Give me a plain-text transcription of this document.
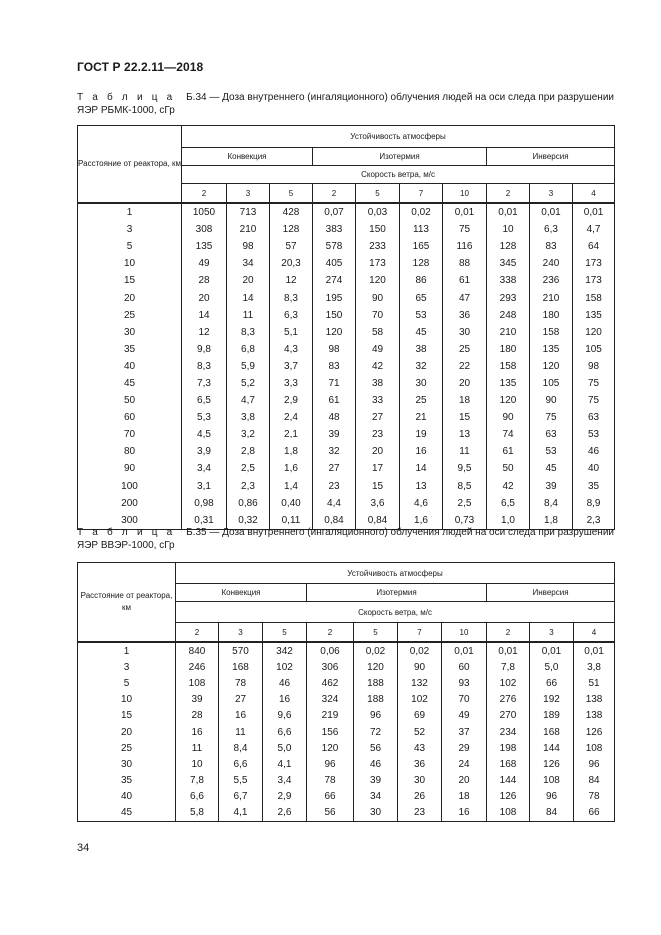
ГОСТ Р 22.2.11—2018
Т а б л и ц а Б.34 — Доза внутреннего (ингаляционного) облучения людей на оси следа при разрушении
ЯЭР РБМК-1000, сГр
Расстояние от реактора, км	Устойчивость атмосферы									
	Конвекция			Изотермия				Инверсия		
	Скорость ветра, м/с									
	2	3	5	2	5	7	10	2	3	4
1	1050	713	428	0,07	0,03	0,02	0,01	0,01	0,01	0,01
3	308	210	128	383	150	113	75	10	6,3	4,7
5	135	98	57	578	233	165	116	128	83	64
10	49	34	20,3	405	173	128	88	345	240	173
15	28	20	12	274	120	86	61	338	236	173
20	20	14	8,3	195	90	65	47	293	210	158
25	14	11	6,3	150	70	53	36	248	180	135
30	12	8,3	5,1	120	58	45	30	210	158	120
35	9,8	6,8	4,3	98	49	38	25	180	135	105
40	8,3	5,9	3,7	83	42	32	22	158	120	98
45	7,3	5,2	3,3	71	38	30	20	135	105	75
50	6,5	4,7	2,9	61	33	25	18	120	90	75
60	5,3	3,8	2,4	48	27	21	15	90	75	63
70	4,5	3,2	2,1	39	23	19	13	74	63	53
80	3,9	2,8	1,8	32	20	16	11	61	53	46
90	3,4	2,5	1,6	27	17	14	9,5	50	45	40
100	3,1	2,3	1,4	23	15	13	8,5	42	39	35
200	0,98	0,86	0,40	4,4	3,6	4,6	2,5	6,5	8,4	8,9
300	0,31	0,32	0,11	0,84	0,84	1,6	0,73	1,0	1,8	2,3
Т а б л и ц а Б.35 — Доза внутреннего (ингаляционного) облучения людей на оси следа при разрушении
ЯЭР ВВЭР-1000, сГр
Расстояние от реактора, км	Устойчивость атмосферы									
	Конвекция			Изотермия				Инверсия		
	Скорость ветра, м/с									
	2	3	5	2	5	7	10	2	3	4
1	840	570	342	0,06	0,02	0,02	0,01	0,01	0,01	0,01
3	246	168	102	306	120	90	60	7,8	5,0	3,8
5	108	78	46	462	188	132	93	102	66	51
10	39	27	16	324	188	102	70	276	192	138
15	28	16	9,6	219	96	69	49	270	189	138
20	16	11	6,6	156	72	52	37	234	168	126
25	11	8,4	5,0	120	56	43	29	198	144	108
30	10	6,6	4,1	96	46	36	24	168	126	96
35	7,8	5,5	3,4	78	39	30	20	144	108	84
40	6,6	6,7	2,9	66	34	26	18	126	96	78
45	5,8	4,1	2,6	56	30	23	16	108	84	66
34
